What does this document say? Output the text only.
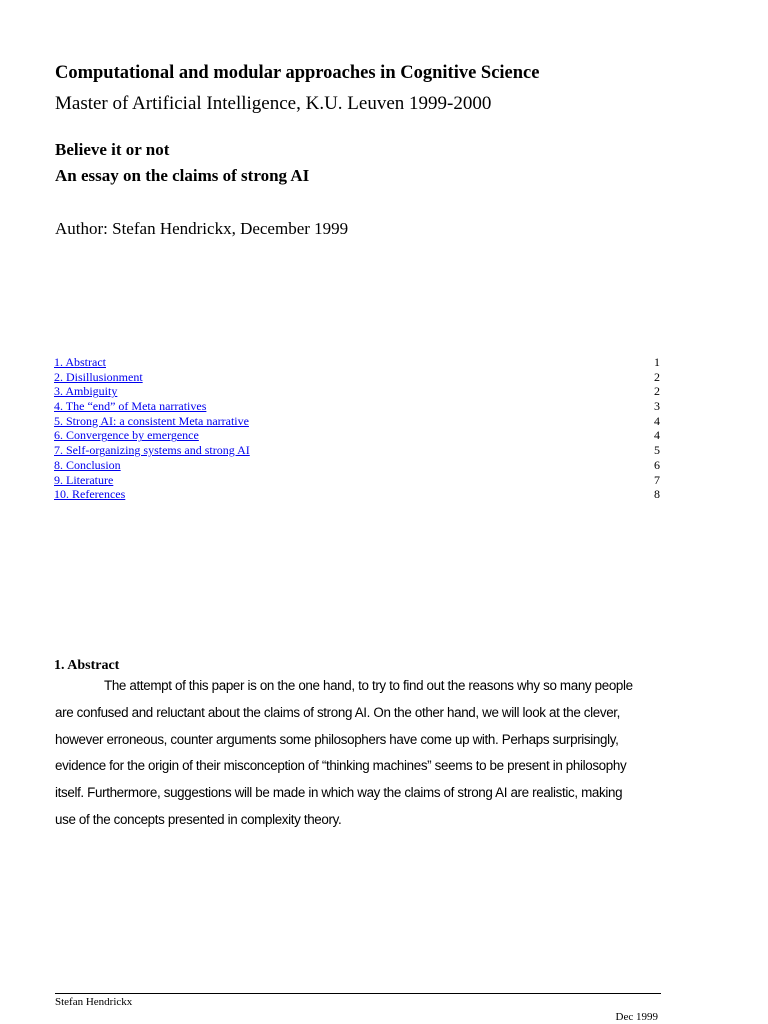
Computational and modular approaches in Cognitive Science
Master of Artificial Intelligence, K.U. Leuven 1999-2000
Believe it or not
An essay on the claims of strong AI
Author: Stefan Hendrickx, December 1999
1. Abstract	1
2. Disillusionment	2
3. Ambiguity	2
4. The “end” of Meta narratives	3
5. Strong AI: a consistent Meta narrative	4
6. Convergence by emergence	4
7. Self-organizing systems and strong AI	5
8. Conclusion	6
9. Literature	7
10. References	8
1. Abstract
The attempt of this paper is on the one hand, to try to find out the reasons why so many people
are confused and reluctant about the claims of strong AI. On the other hand, we will look at the clever,
however erroneous, counter arguments some philosophers have come up with. Perhaps surprisingly,
evidence for the origin of their misconception of “thinking machines” seems to be present in philosophy
itself. Furthermore, suggestions will be made in which way the claims of strong AI are realistic, making
use of the concepts presented in complexity theory.
Stefan Hendrickx
Dec 1999
